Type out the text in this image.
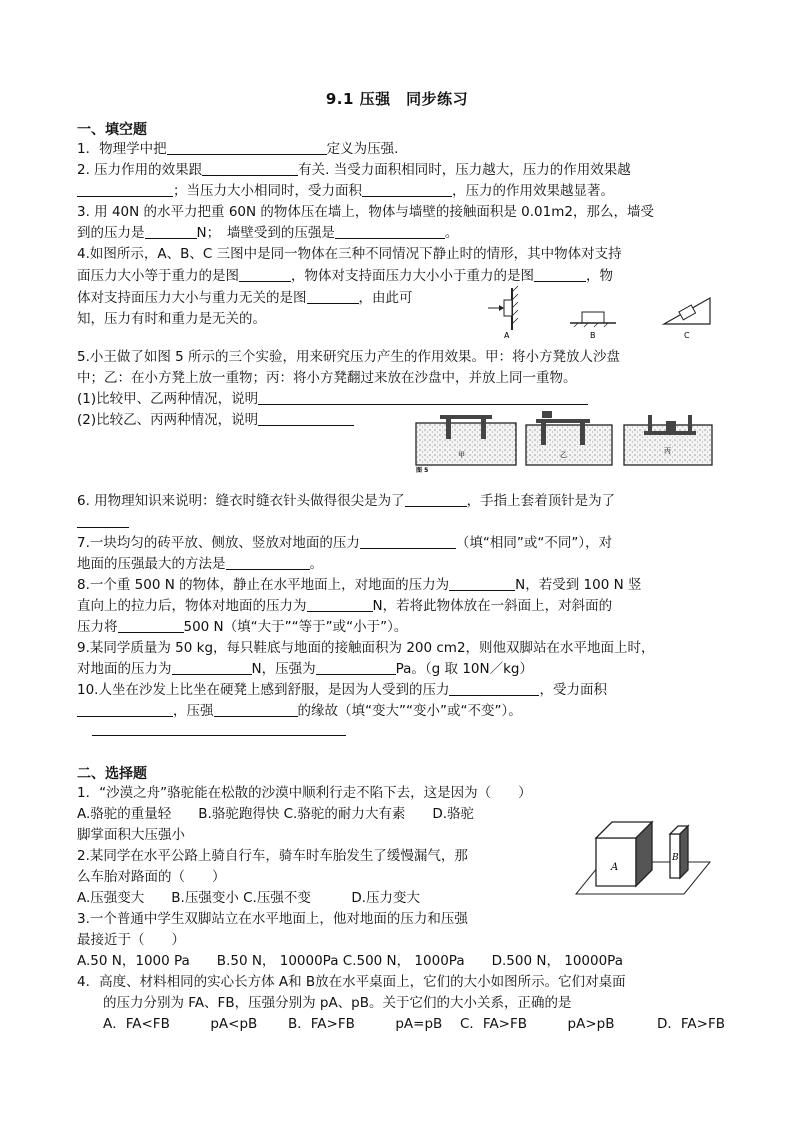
9.1 压强　同步练习
一、填空题
1．物理学中把	定义为压强.
2. 压力作用的效果跟	有关. 当受力面积相同时，压力越大，压力的作用效果越
；当压力大小相同时，受力面积	，压力的作用效果越显著。
3. 用 40N 的水平力把重 60N 的物体压在墙上，物体与墙壁的接触面积是 0.01m2，那么，墙受
到的压力是	N；　墙壁受到的压强是	。
4.如图所示，A、B、C 三图中是同一物体在三种不同情况下静止时的情形，其中物体对支持
面压力大小等于重力的是图	，物体对支持面压力大小小于重力的是图	，物
体对支持面压力大小与重力无关的是图	，由此可
知，压力有时和重力是无关的。
A	B	C
5.小王做了如图 5 所示的三个实验，用来研究压力产生的作用效果。甲：将小方凳放人沙盘
中；乙：在小方凳上放一重物；丙：将小方凳翻过来放在沙盘中，并放上同一重物。
(1)比较甲、乙两种情况，说明
(2)比较乙、丙两种情况，说明
甲	乙	丙
图 5
6. 用物理知识来说明：缝衣时缝衣针头做得很尖是为了	，手指上套着顶针是为了
7.一块均匀的砖平放、侧放、竖放对地面的压力	（填“相同”或“不同”），对
地面的压强最大的方法是	。
8.一个重 500 N 的物体，静止在水平地面上，对地面的压力为	N，若受到 100 N 竖
直向上的拉力后，物体对地面的压力为	N，若将此物体放在一斜面上，对斜面的
压力将	500 N（填“大于”“等于”或“小于”）。
9.某同学质量为 50 kg，每只鞋底与地面的接触面积为 200 cm2，则他双脚站在水平地面上时，
对地面的压力为	N，压强为	Pa。（g 取 10N／kg）
10.人坐在沙发上比坐在硬凳上感到舒服，是因为人受到的压力	，受力面积
，压强	的缘故（填“变大”“变小”或“不变”）。
二、选择题
1．“沙漠之舟”骆驼能在松散的沙漠中顺利行走不陷下去，这是因为（　　）
A.骆驼的重量轻　　B.骆驼跑得快 C.骆驼的耐力大有素　　D.骆驼
脚掌面积大压强小
2.某同学在水平公路上骑自行车，骑车时车胎发生了缓慢漏气，那
么车胎对路面的（　　）
A.压强变大　　B.压强变小 C.压强不变　　　D.压力变大
3.一个普通中学生双脚站立在水平地面上，他对地面的压力和压强
最接近于（　　）
A.50 N，1000 Pa　　B.50 N， 10000Pa C.500 N， 1000Pa　　D.500 N， 10000Pa
A
B
4．高度、材料相同的实心长方体 A和 B放在水平桌面上，它们的大小如图所示。它们对桌面
的压力分别为 FA、FB，压强分别为 pA、pB。关于它们的大小关系，正确的是
A．FA<FB　　　pA<pB B．FA>FB　　　pA=pB C．FA>FB　　　pA>pB	D．FA>FB
